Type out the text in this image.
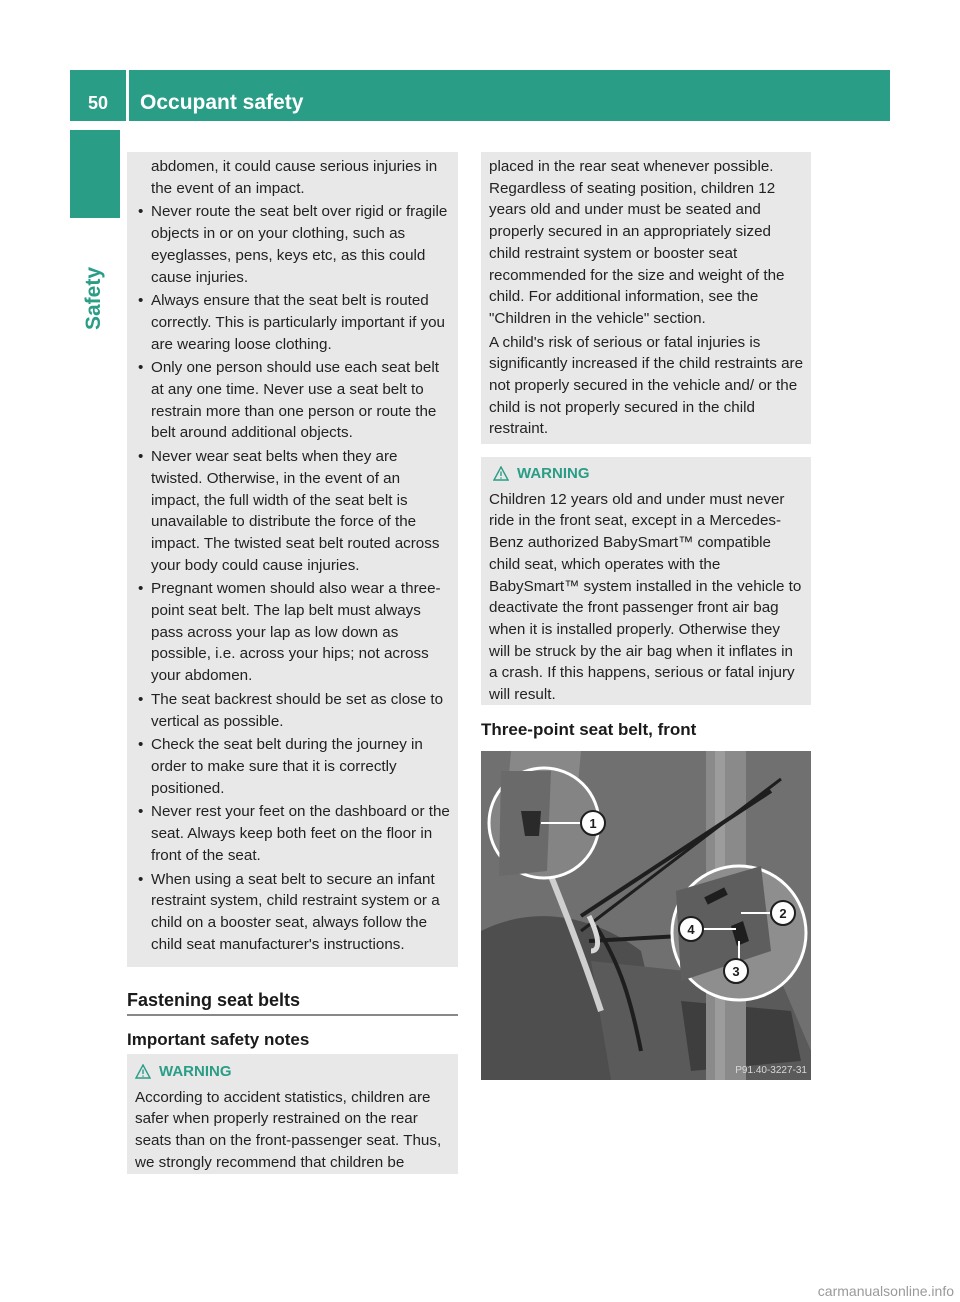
50 Occupant safety
Safety
abdomen, it could cause serious injuries in the event of an impact.
• Never route the seat belt over rigid or fragile objects in or on your clothing, such as eyeglasses, pens, keys etc, as this could cause injuries.
• Always ensure that the seat belt is routed correctly. This is particularly important if you are wearing loose clothing.
• Only one person should use each seat belt at any one time. Never use a seat belt to restrain more than one person or route the belt around additional objects.
• Never wear seat belts when they are twisted. Otherwise, in the event of an impact, the full width of the seat belt is unavailable to distribute the force of the impact. The twisted seat belt routed across your body could cause injuries.
• Pregnant women should also wear a three-point seat belt. The lap belt must always pass across your lap as low down as possible, i.e. across your hips; not across your abdomen.
• The seat backrest should be set as close to vertical as possible.
• Check the seat belt during the journey in order to make sure that it is correctly positioned.
• Never rest your feet on the dashboard or the seat. Always keep both feet on the floor in front of the seat.
• When using a seat belt to secure an infant restraint system, child restraint system or a child on a booster seat, always follow the child seat manufacturer's instructions.
Fastening seat belts
Important safety notes
WARNING
According to accident statistics, children are safer when properly restrained on the rear seats than on the front-passenger seat. Thus, we strongly recommend that children be
placed in the rear seat whenever possible. Regardless of seating position, children 12 years old and under must be seated and properly secured in an appropriately sized child restraint system or booster seat recommended for the size and weight of the child. For additional information, see the "Children in the vehicle" section.
A child's risk of serious or fatal injuries is significantly increased if the child restraints are not properly secured in the vehicle and/ or the child is not properly secured in the child restraint.
WARNING
Children 12 years old and under must never ride in the front seat, except in a Mercedes-Benz authorized BabySmart™ compatible child seat, which operates with the BabySmart™ system installed in the vehicle to deactivate the front passenger front air bag when it is installed properly. Otherwise they will be struck by the air bag when it inflates in a crash. If this happens, serious or fatal injury will result.
Three-point seat belt, front
1
4
2
3
P91.40-3227-31
carmanualsonline.info
